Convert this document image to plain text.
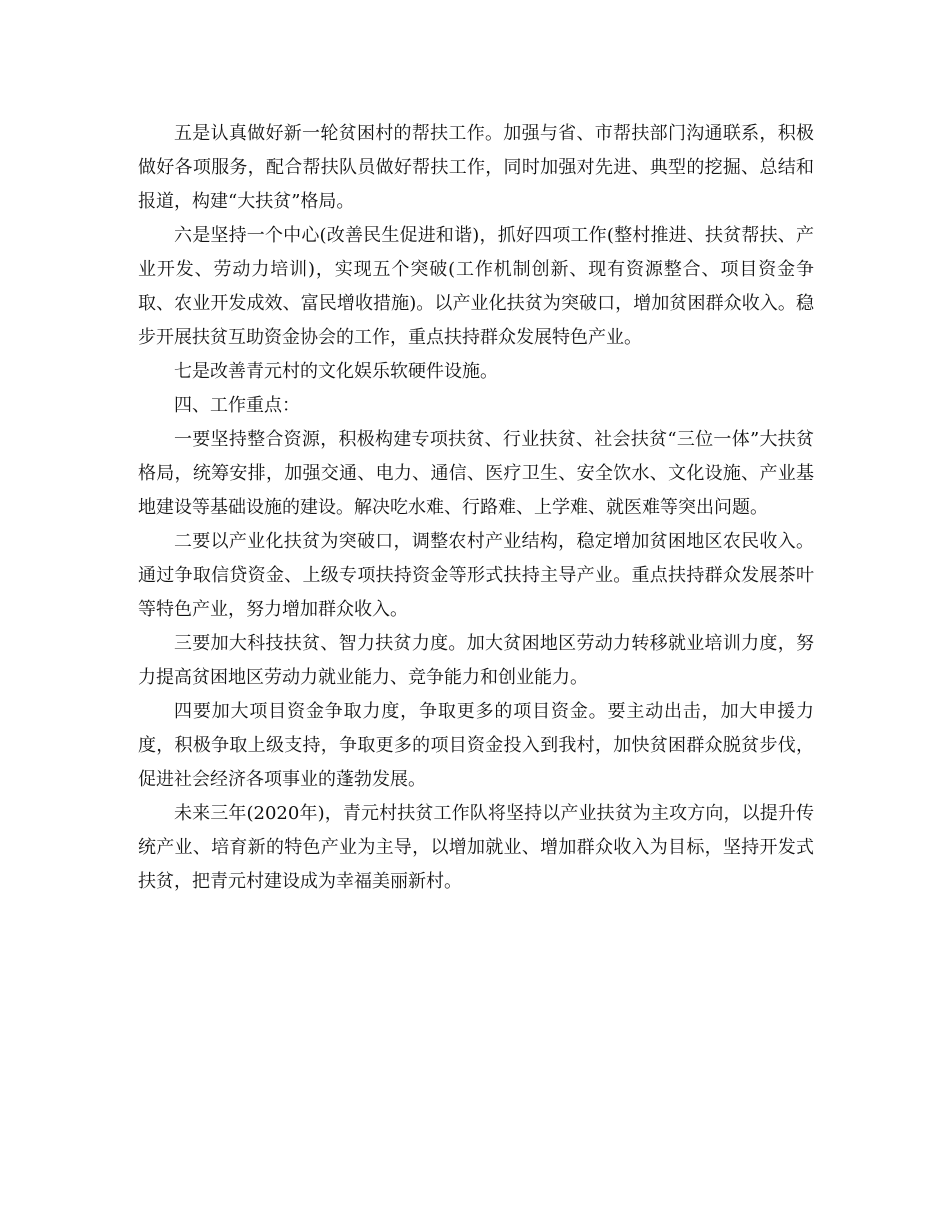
五是认真做好新一轮贫困村的帮扶工作。加强与省、市帮扶部门沟通联系，积极做好各项服务，配合帮扶队员做好帮扶工作，同时加强对先进、典型的挖掘、总结和报道，构建“大扶贫”格局。

六是坚持一个中心(改善民生促进和谐)，抓好四项工作(整村推进、扶贫帮扶、产业开发、劳动力培训)，实现五个突破(工作机制创新、现有资源整合、项目资金争取、农业开发成效、富民增收措施)。以产业化扶贫为突破口，增加贫困群众收入。稳步开展扶贫互助资金协会的工作，重点扶持群众发展特色产业。

七是改善青元村的文化娱乐软硬件设施。

四、工作重点：

一要坚持整合资源，积极构建专项扶贫、行业扶贫、社会扶贫“三位一体”大扶贫格局，统筹安排，加强交通、电力、通信、医疗卫生、安全饮水、文化设施、产业基地建设等基础设施的建设。解决吃水难、行路难、上学难、就医难等突出问题。

二要以产业化扶贫为突破口，调整农村产业结构，稳定增加贫困地区农民收入。通过争取信贷资金、上级专项扶持资金等形式扶持主导产业。重点扶持群众发展茶叶等特色产业，努力增加群众收入。

三要加大科技扶贫、智力扶贫力度。加大贫困地区劳动力转移就业培训力度，努力提高贫困地区劳动力就业能力、竞争能力和创业能力。

四要加大项目资金争取力度，争取更多的项目资金。要主动出击，加大申援力度，积极争取上级支持，争取更多的项目资金投入到我村，加快贫困群众脱贫步伐，促进社会经济各项事业的蓬勃发展。

未来三年(2020年)，青元村扶贫工作队将坚持以产业扶贫为主攻方向，以提升传统产业、培育新的特色产业为主导，以增加就业、增加群众收入为目标，坚持开发式扶贫，把青元村建设成为幸福美丽新村。
